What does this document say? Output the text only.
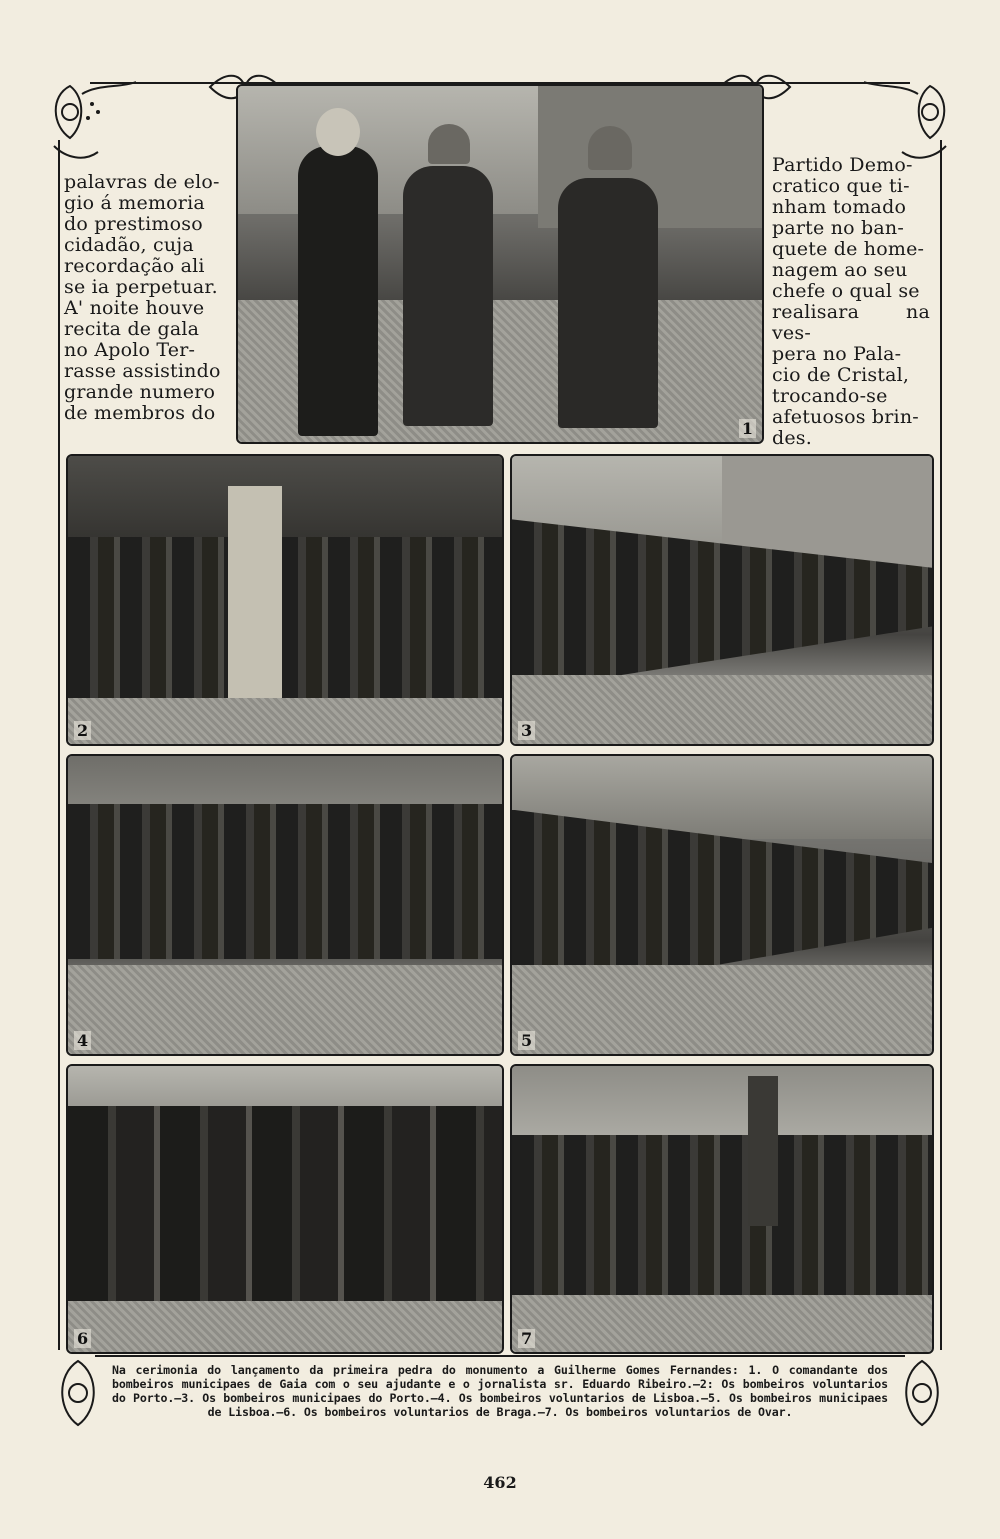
palavras de elo-
gio á memoria
do prestimoso
cidadão, cuja
recordação ali
se ia perpetuar.
A' noite houve
recita de gala
no Apolo Ter-
rasse assistindo
grande numero
de membros do
Partido Demo-
cratico que ti-
nham tomado
parte no ban-
quete de home-
nagem ao seu
chefe o qual se
realisara na ves-
pera no Pala-
cio de Cristal,
trocando-se
afetuosos brin-
des.
1
2	3
4	5
6	7
Na cerimonia do lançamento da primeira pedra do monumento a Guilherme Gomes Fernandes: 1. O comandante dos bombeiros municipaes de Gaia com o seu ajudante e o jornalista sr. Eduardo Ribeiro.—2: Os bombeiros voluntarios do Porto.—3. Os bombeiros municipaes do Porto.—4. Os bombeiros voluntarios de Lisboa.—5. Os bombeiros municipaes de Lisboa.—6. Os bombeiros voluntarios de Braga.—7. Os bombeiros voluntarios de Ovar.
462
